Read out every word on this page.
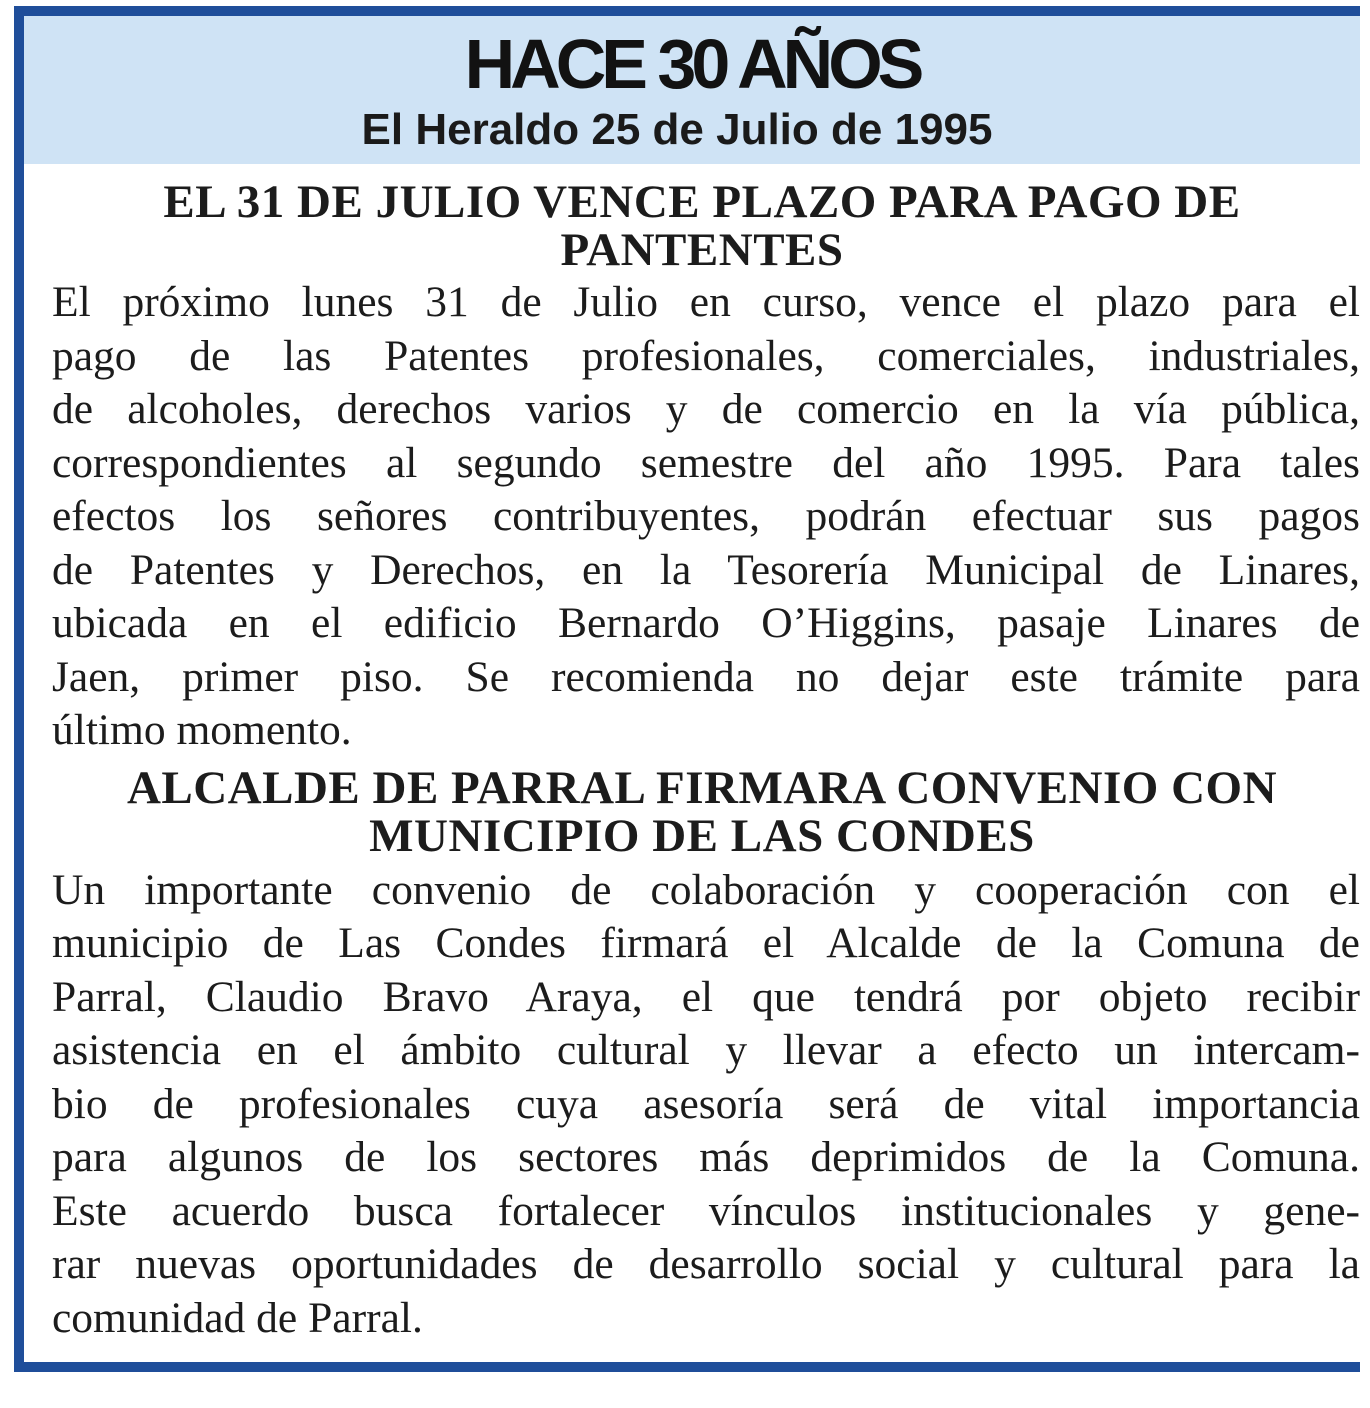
HACE 30 AÑOS
El Heraldo 25 de Julio de 1995
EL 31 DE JULIO VENCE PLAZO PARA PAGO DE
PANTENTES
El próximo lunes 31 de Julio en curso, vence el plazo para el
pago de las Patentes profesionales, comerciales, industriales,
de alcoholes, derechos varios y de comercio en la vía pública,
correspondientes al segundo semestre del año 1995. Para tales
efectos los señores contribuyentes, podrán efectuar sus pagos
de Patentes y Derechos, en la Tesorería Municipal de Linares,
ubicada en el edificio Bernardo O’Higgins, pasaje Linares de
Jaen, primer piso. Se recomienda no dejar este trámite para
último momento.
ALCALDE DE PARRAL FIRMARA CONVENIO CON
MUNICIPIO DE LAS CONDES
Un importante convenio de colaboración y cooperación con el
municipio de Las Condes firmará el Alcalde de la Comuna de
Parral, Claudio Bravo Araya, el que tendrá por objeto recibir
asistencia en el ámbito cultural y llevar a efecto un intercam-
bio de profesionales cuya asesoría será de vital importancia
para algunos de los sectores más deprimidos de la Comuna.
Este acuerdo busca fortalecer vínculos institucionales y gene-
rar nuevas oportunidades de desarrollo social y cultural para la
comunidad de Parral.
